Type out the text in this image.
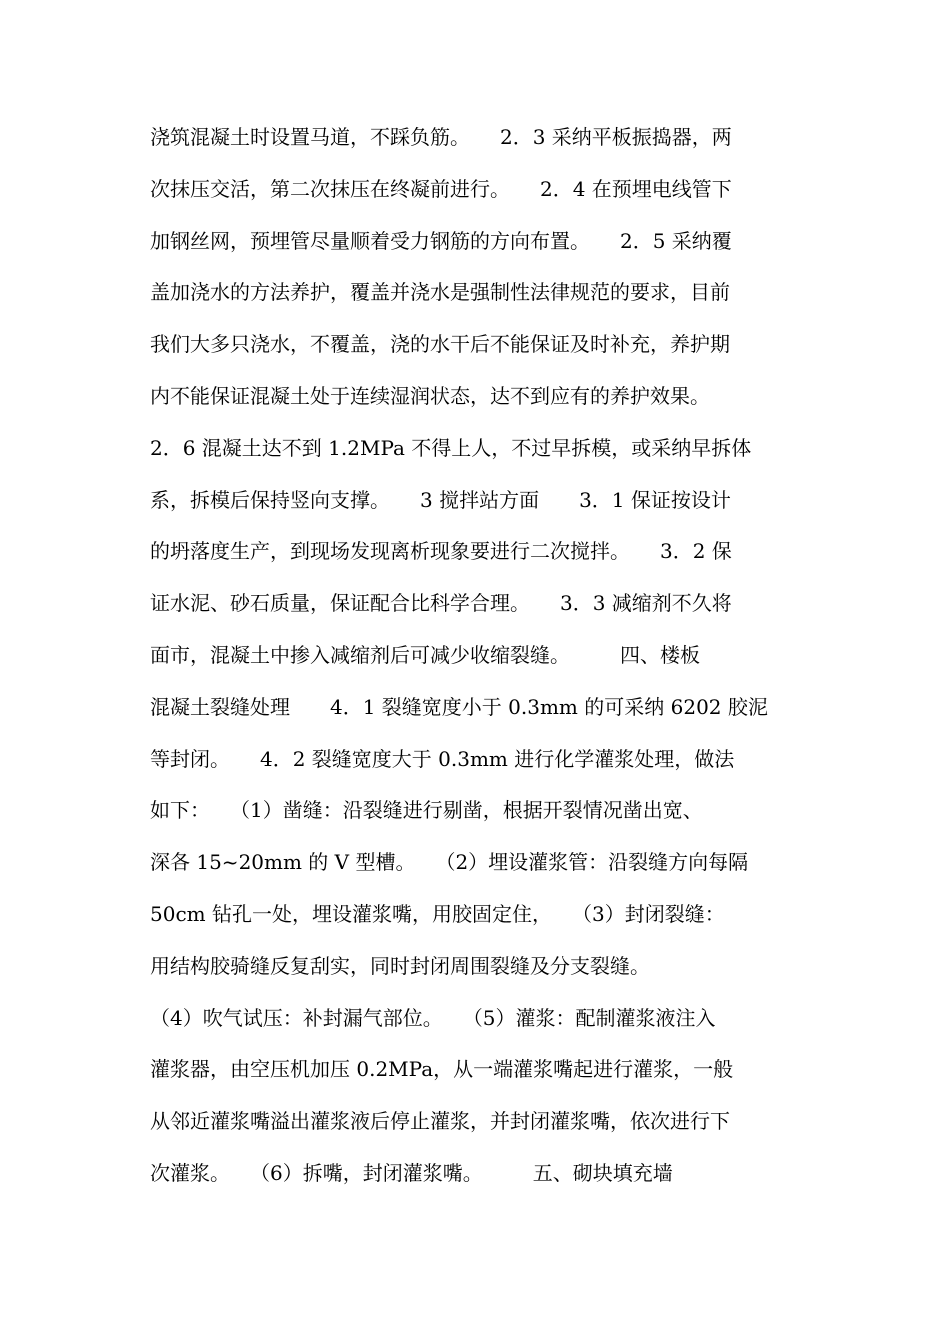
浇筑混凝土时设置马道，不踩负筋。　　2．3 采纳平板振捣器，两
次抹压交活，第二次抹压在终凝前进行。　　2．4 在预埋电线管下
加钢丝网，预埋管尽量顺着受力钢筋的方向布置。　　2．5 采纳覆
盖加浇水的方法养护，覆盖并浇水是强制性法律规范的要求，目前
我们大多只浇水，不覆盖，浇的水干后不能保证及时补充，养护期
内不能保证混凝土处于连续湿润状态，达不到应有的养护效果。
2．6 混凝土达不到 1.2MPa 不得上人，不过早拆模，或采纳早拆体
系，拆模后保持竖向支撑。　　3 搅拌站方面　　3．1 保证按设计
的坍落度生产，到现场发现离析现象要进行二次搅拌。　　3．2 保
证水泥、砂石质量，保证配合比科学合理。　　3．3 减缩剂不久将
面市，混凝土中掺入减缩剂后可减少收缩裂缝。　　　四、楼板
混凝土裂缝处理　　4．1 裂缝宽度小于 0.3mm 的可采纳 6202 胶泥
等封闭。　　4．2 裂缝宽度大于 0.3mm 进行化学灌浆处理，做法
如下：　　（1）凿缝：沿裂缝进行剔凿，根据开裂情况凿出宽、
深各 15~20mm 的 V 型槽。　　（2）埋设灌浆管：沿裂缝方向每隔
50cm 钻孔一处，埋设灌浆嘴，用胶固定住，　　（3）封闭裂缝：
用结构胶骑缝反复刮实，同时封闭周围裂缝及分支裂缝。
（4）吹气试压：补封漏气部位。　　（5）灌浆：配制灌浆液注入
灌浆器，由空压机加压 0.2MPa，从一端灌浆嘴起进行灌浆，一般
从邻近灌浆嘴溢出灌浆液后停止灌浆，并封闭灌浆嘴，依次进行下
次灌浆。　　（6）拆嘴，封闭灌浆嘴。　　　五、砌块填充墙
